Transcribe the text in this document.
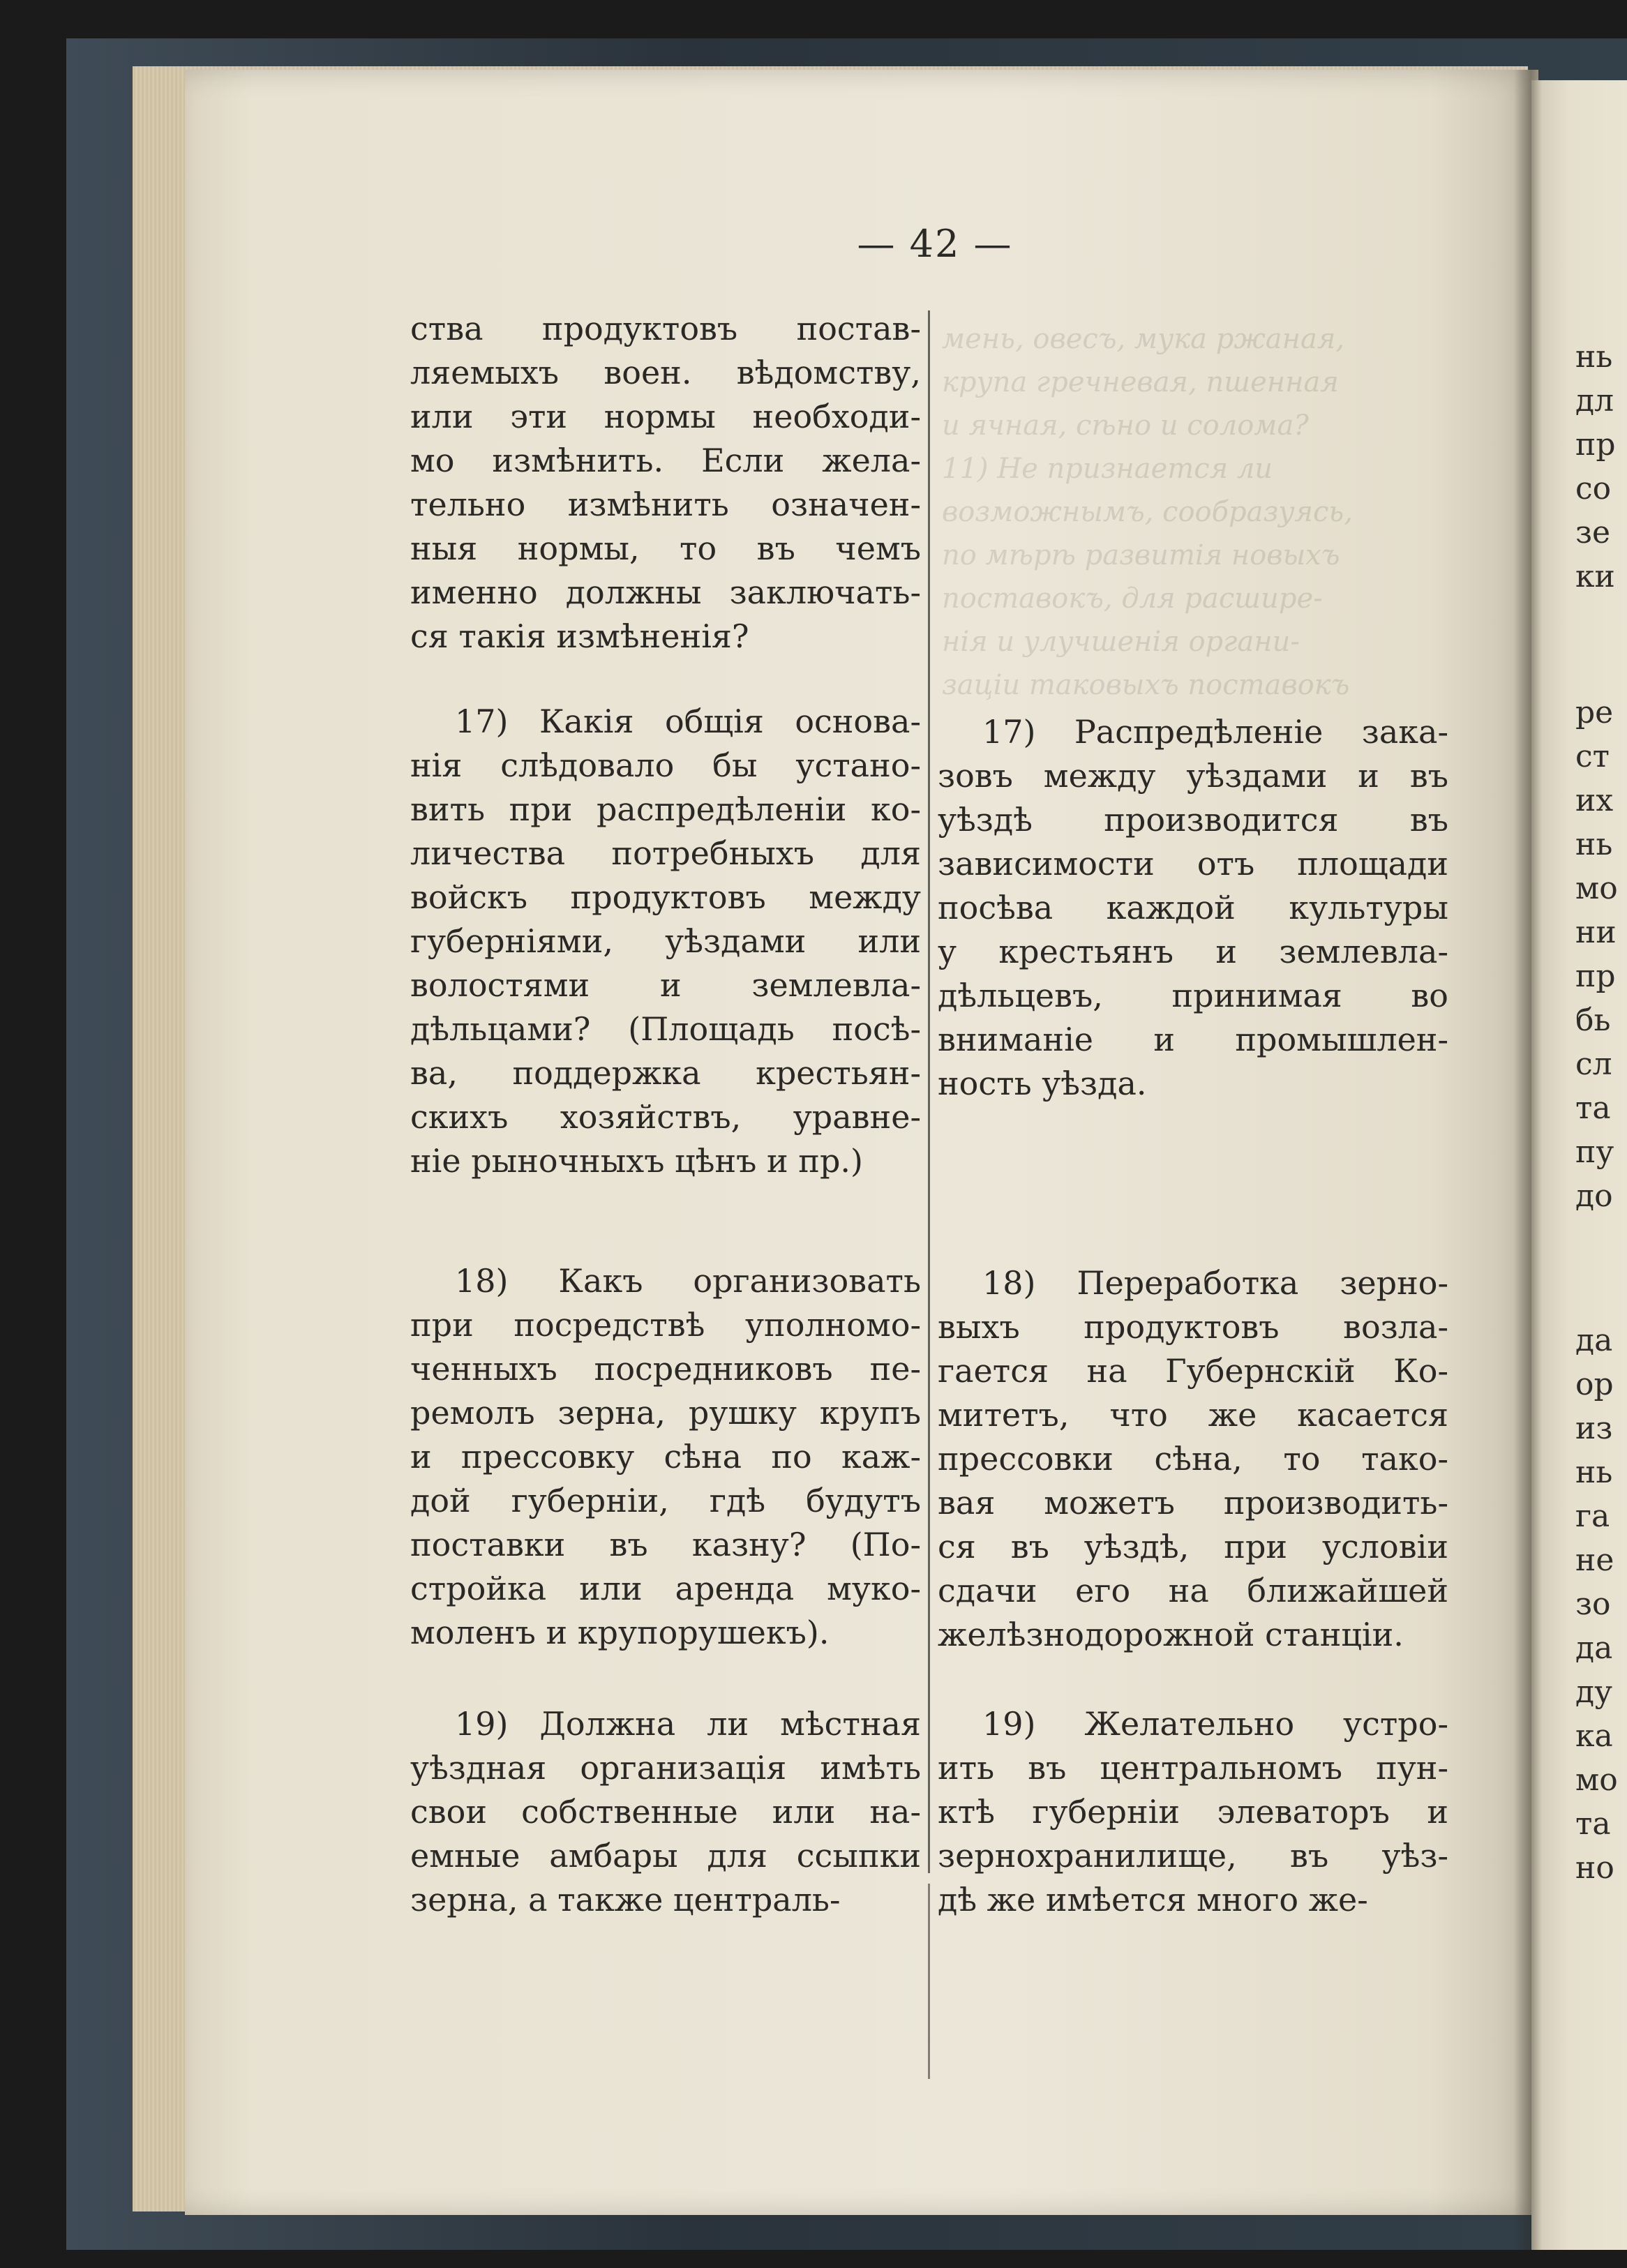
мень, овесъ, мука ржаная,
крупа гречневая, пшенная
и ячная, сѣно и солома?
11) Не признается ли
возможнымъ, сообразуясь,
по мѣрѣ развитія новыхъ
поставокъ, для расшире-
нія и улучшенія органи-
заціи таковыхъ поставокъ
— 42 —

ства продуктовъ постав-

ляемыхъ воен. вѣдомству,

или эти нормы необходи-

мо измѣнить. Если жела-

тельно измѣнить означен-

ныя нормы, то въ чемъ

именно должны заключать-

ся такія измѣненія?

17) Какія общія основа-

нія слѣдовало бы устано-

вить при распредѣленіи ко-

личества потребныхъ для

войскъ продуктовъ между

губерніями, уѣздами или

волостями и землевла-

дѣльцами? (Площадь посѣ-

ва, поддержка крестьян-

скихъ хозяйствъ, уравне-

ніе рыночныхъ цѣнъ и пр.)

18) Какъ организовать

при посредствѣ уполномо-

ченныхъ посредниковъ пе-

ремолъ зерна, рушку крупъ

и прессовку сѣна по каж-

дой губерніи, гдѣ будутъ

поставки въ казну? (По-

стройка или аренда муко-

моленъ и крупорушекъ).

19) Должна ли мѣстная

уѣздная организація имѣть

свои собственные или на-

емные амбары для ссыпки

зерна, а также централь-

17) Распредѣленіе зака-

зовъ между уѣздами и въ

уѣздѣ производится въ

зависимости отъ площади

посѣва каждой культуры

у крестьянъ и землевла-

дѣльцевъ, принимая во

вниманіе и промышлен-

ность уѣзда.

18) Переработка зерно-

выхъ продуктовъ возла-

гается на Губернскій Ко-

митетъ, что же касается

прессовки сѣна, то тако-

вая можетъ производить-

ся въ уѣздѣ, при условіи

сдачи его на ближайшей

желѣзнодорожной станціи.

19) Желательно устро-

ить въ центральномъ пун-

ктѣ губерніи элеваторъ и

зернохранилище, въ уѣз-

дѣ же имѣется много же-

нь
дл
пр
со
зе
ки
ре
ст
их
нь
мо
ни
пр
бь
сл
та
пу
до
да
ор
из
нь
га
не
зо
да
ду
ка
мо
та
но
